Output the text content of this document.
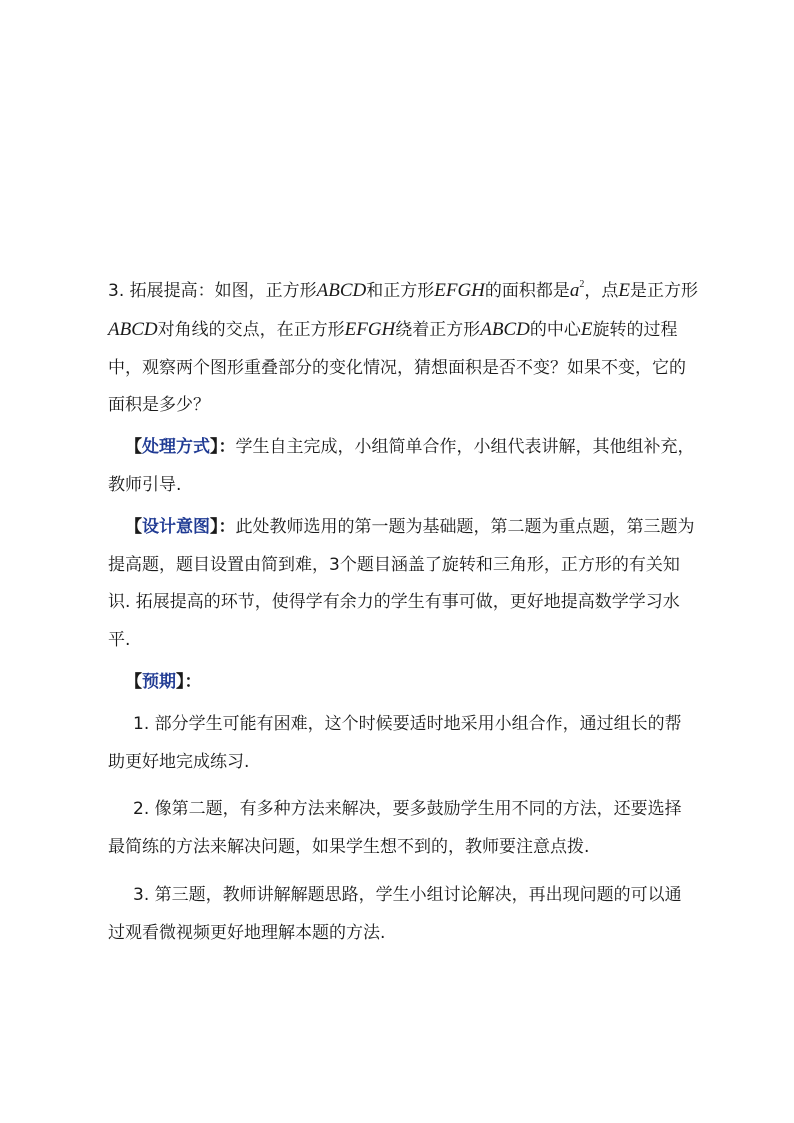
3. 拓展提高：如图，正方形ABCD和正方形EFGH的面积都是$a^2$，点E是正方形ABCD对角线的交点，在正方形EFGH绕着正方形ABCD的中心E旋转的过程中，观察两个图形重叠部分的变化情况，猜想面积是否不变？如果不变，它的面积是多少？

【处理方式】：学生自主完成，小组简单合作，小组代表讲解，其他组补充，教师引导.

【设计意图】：此处教师选用的第一题为基础题，第二题为重点题，第三题为提高题，题目设置由简到难，3个题目涵盖了旋转和三角形，正方形的有关知识. 拓展提高的环节，使得学有余力的学生有事可做，更好地提高数学学习水平.

【预期】：

1. 部分学生可能有困难，这个时候要适时地采用小组合作，通过组长的帮助更好地完成练习.

2. 像第二题，有多种方法来解决，要多鼓励学生用不同的方法，还要选择最简练的方法来解决问题，如果学生想不到的，教师要注意点拨.

3. 第三题，教师讲解解题思路，学生小组讨论解决，再出现问题的可以通过观看微视频更好地理解本题的方法.
